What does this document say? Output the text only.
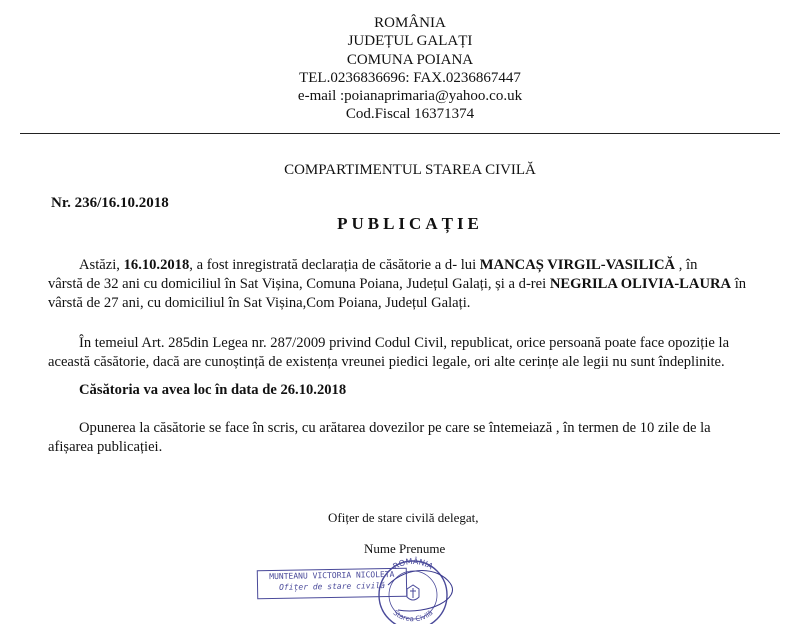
ROMÂNIA
JUDEȚUL GALAȚI
COMUNA POIANA
TEL.0236836696: FAX.0236867447
e-mail :poianaprimaria@yahoo.co.uk
Cod.Fiscal 16371374
COMPARTIMENTUL STAREA CIVILĂ
Nr. 236/16.10.2018
PUBLICAȚIE
Astăzi, 16.10.2018, a fost inregistrată declarația de căsătorie a d- lui MANCAȘ VIRGIL-VASILICĂ , în
vârstă de 32 ani cu domiciliul în Sat Vișina, Comuna Poiana, Județul Galați, și a d-rei NEGRILA OLIVIA-LAURA în
vârstă de 27 ani, cu domiciliul în Sat Vișina,Com Poiana, Județul Galați.
În temeiul Art. 285din Legea nr. 287/2009 privind Codul Civil, republicat, orice persoană poate face opoziție la
această căsătorie, dacă are cunoștință de existența vreunei piedici legale, ori alte cerințe ale legii nu sunt îndeplinite.
Căsătoria va avea loc în data de 26.10.2018
Opunerea la căsătorie se face în scris, cu arătarea dovezilor pe care se întemeiază , în termen de 10 zile de la
afișarea publicației.
Ofițer de stare civilă delegat,
Nume Prenume
MUNTEANU VICTORIA NICOLETA
Ofițer de stare civilă
ROMÂNIA
Starea Civilă
